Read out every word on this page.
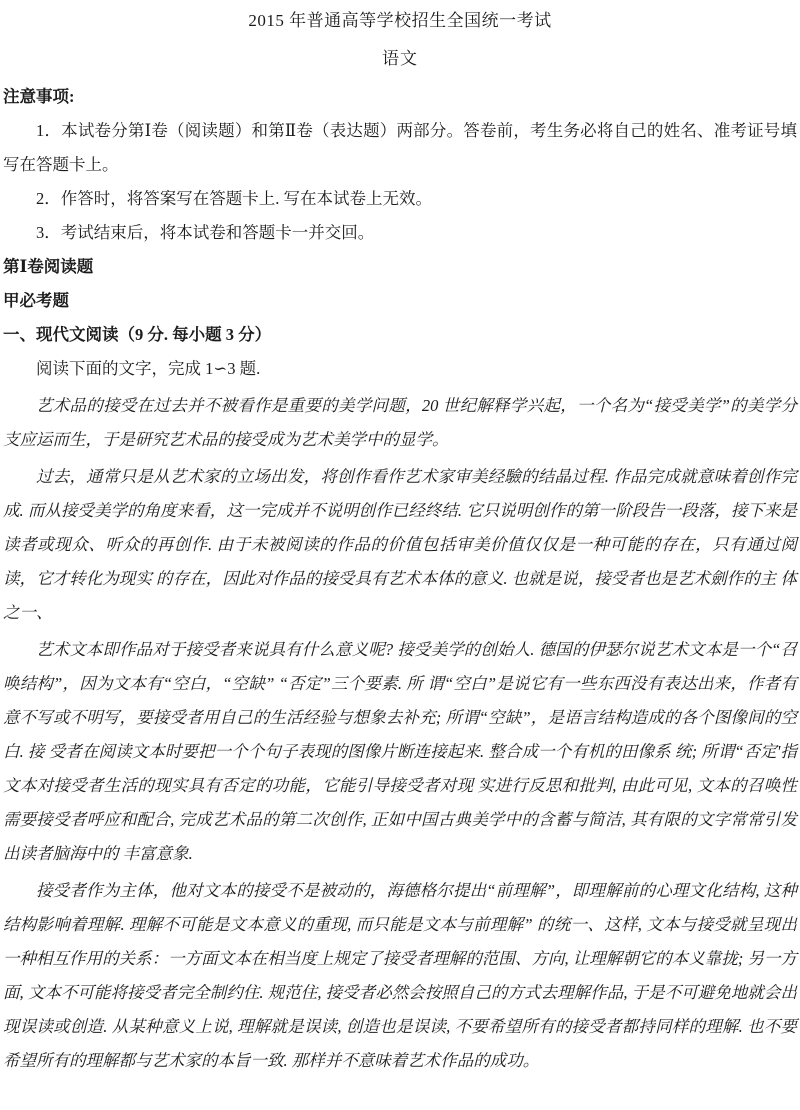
2015 年普通高等学校招生全国统一考试
语文
注意事项:
1．本试卷分第Ⅰ卷（阅读题）和第Ⅱ卷（表达题）两部分。答卷前，考生务必将自己的姓名、准考证号填写在答题卡上。
2．作答时，将答案写在答题卡上. 写在本试卷上无效。
3．考试结束后，将本试卷和答题卡一并交回。
第Ⅰ卷阅读题
甲必考题
一、现代文阅读（9 分. 每小题 3 分）
阅读下面的文字，完成 1∽3 题.
艺术品的接受在过去并不被看作是重要的美学问题，20 世纪解释学兴起，一个名为“接受美学”的美学分支应运而生，于是研究艺术品的接受成为艺术美学中的显学。
过去，通常只是从艺术家的立场出发，将创作看作艺术家审美经驗的结晶过程. 作品完成就意味着创作完成. 而从接受美学的角度来看，这一完成并不说明创作已经终结. 它只说明创作的第一阶段告一段落，接下来是读者或现众、听众的再创作. 由于未被阅读的作品的价值包括审美价值仅仅是一种可能的存在，只有通过阅读，它才转化为现实 的存在，因此对作品的接受具有艺术本体的意义. 也就是说，接受者也是艺术劍作的主 体之一、
艺术文本即作品对于接受者来说具有什么意义呢? 接受美学的创始人. 德国的伊瑟尔说艺术文本是一个“召唤结构”，因为文本有“空白，“空缺” “否定”三个要素. 所 谓“空白”是说它有一些东西没有表达出来，作者有意不写或不明写，要接受者用自己的生活经验与想象去补充; 所谓“空缺”，是语言结构造成的各个图像间的空白. 接 受者在阅读文本时要把一个个句子表现的图像片断连接起来. 整合成一个有机的田像系 统; 所谓“否定'指文本对接受者生活的现实具有否定的功能，它能引导接受者对现 实进行反思和批判, 由此可见, 文本的召唤性需要接受者呼应和配合, 完成艺术品的第二次创作, 正如中国古典美学中的含蓄与简洁, 其有限的文字常常引发出读者脑海中的 丰富意象.
接受者作为主体，他对文本的接受不是被动的，海德格尔提出“前理解”，即理解前的心理文化结构, 这种结构影响着理解. 理解不可能是文本意义的重现, 而只能是文本与前理解” 的统一、这样, 文本与接受就呈现出一种相互作用的关系：一方面文本在相当度上规定了接受者理解的范围、方向, 让理解朝它的本义靠拢; 另一方面, 文本不可能将接受者完全制约住. 规范住, 接受者必然会按照自己的方式去理解作品, 于是不可避免地就会出现误读或创造. 从某种意义上说, 理解就是误读, 创造也是误读, 不要希望所有的接受者都持同样的理解. 也不要希望所有的理解都与艺术家的本旨一致. 那样并不意味着艺术作品的成功。
